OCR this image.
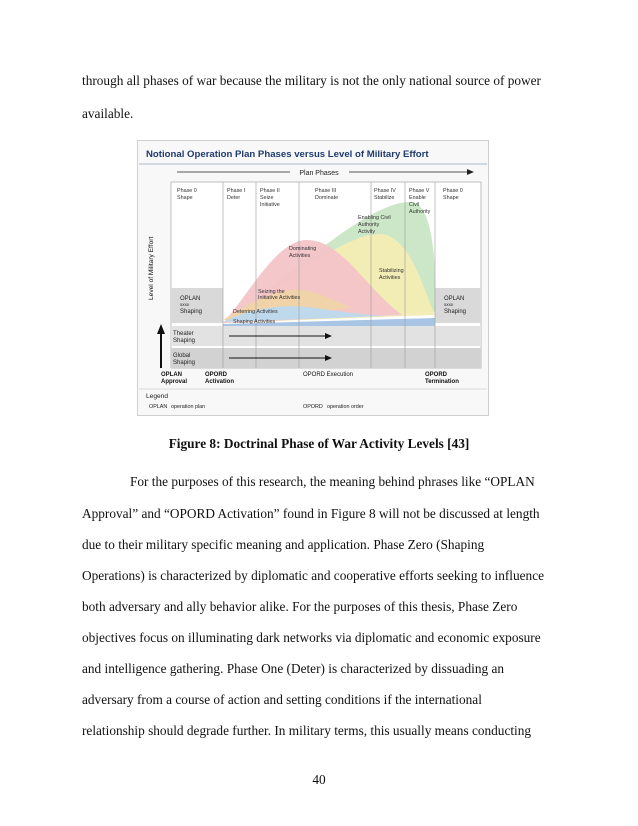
through all phases of war because the military is not the only national source of power
available.
Notional Operation Plan Phases versus Level of Military Effort
Plan Phases
Phase 0
Shape
Phase I
Deter
Phase II
Seize
Initiative
Phase III
Dominate
Phase IV
Stabilize
Phase V
Enable
Civil
Authority
Phase 0
Shape
Enabling Civil
Authority
Activity
Dominating
Activities
Stabilizing
Activities
Seizing the
Initiative Activities
Deterring Activities
Shaping Activities
OPLAN
xxxx
Shaping
OPLAN
xxxx
Shaping
Theater
Shaping
Global
Shaping
Level of Military Effort
OPLAN
Approval
OPORD
Activation
OPORD Execution	OPORD
Termination
Legend
OPLAN operation plan	OPORD operation order
Figure 8: Doctrinal Phase of War Activity Levels [43]
For the purposes of this research, the meaning behind phrases like “OPLAN
Approval” and “OPORD Activation” found in Figure 8 will not be discussed at length
due to their military specific meaning and application. Phase Zero (Shaping
Operations) is characterized by diplomatic and cooperative efforts seeking to influence
both adversary and ally behavior alike. For the purposes of this thesis, Phase Zero
objectives focus on illuminating dark networks via diplomatic and economic exposure
and intelligence gathering. Phase One (Deter) is characterized by dissuading an
adversary from a course of action and setting conditions if the international
relationship should degrade further. In military terms, this usually means conducting
40
